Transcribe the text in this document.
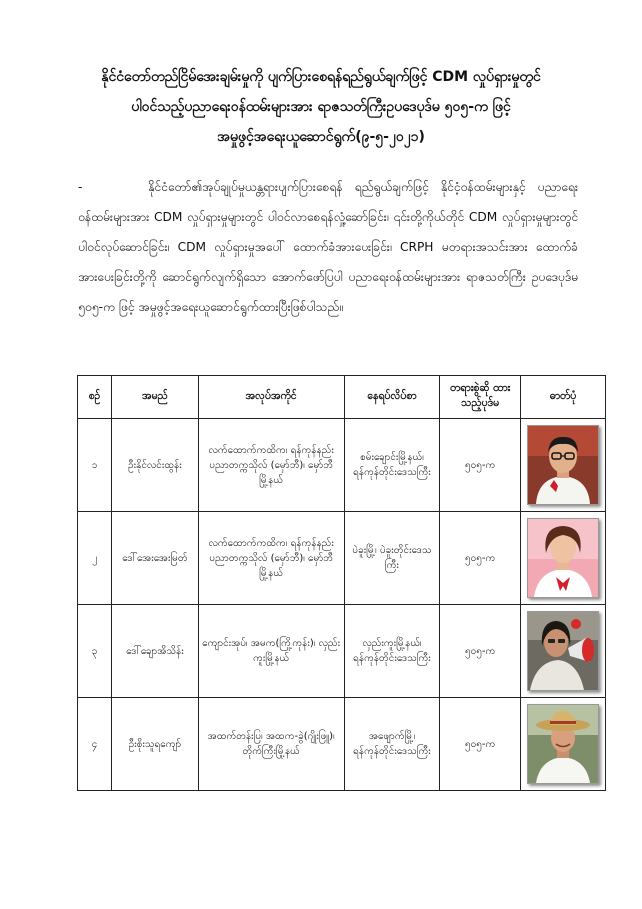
နိုင်ငံတော်တည်ငြိမ်အေးချမ်းမှုကို ပျက်ပြားစေရန်ရည်ရွယ်ချက်ဖြင့် CDM လှုပ်ရှားမှုတွင်
ပါဝင်သည့်ပညာရေးဝန်ထမ်းများအား ရာဇသတ်ကြီးဥပဒေပုဒ်မ ၅၀၅-က ဖြင့်
အမှုဖွင့်အရေးယူဆောင်ရွက်(၉-၅-၂၀၂၁)
-	နိုင်ငံတော်၏အုပ်ချုပ်မှုယန္တရားပျက်ပြားစေရန် ရည်ရွယ်ချက်ဖြင့် နိုင်ငံ့ဝန်ထမ်းများနှင့် ပညာရေးဝန်ထမ်းများအား CDM လှုပ်ရှားမှုများတွင် ပါဝင်လာစေရန်လှုံ့ဆော်ခြင်း၊ ၎င်းတို့ကိုယ်တိုင် CDM လှုပ်ရှားမှုများတွင် ပါဝင်လုပ်ဆောင်ခြင်း၊ CDM လှုပ်ရှားမှုအပေါ် ထောက်ခံအားပေးခြင်း၊ CRPH မတရားအသင်းအား ထောက်ခံအားပေးခြင်းတို့ကို ဆောင်ရွက်လျက်ရှိသော အောက်ဖော်ပြပါ ပညာရေးဝန်ထမ်းများအား ရာဇသတ်ကြီး ဥပဒေပုဒ်မ ၅၀၅-က ဖြင့် အမှုဖွင့်အရေးယူဆောင်ရွက်ထားပြီးဖြစ်ပါသည်။
စဉ်	အမည်	အလုပ်အကိုင်	နေရပ်လိပ်စာ	တရားစွဲဆို ထားသည့်ပုဒ်မ	ဓာတ်ပုံ
၁	ဦးနိုင်လင်းထွန်း	လက်ထောက်ကထိက၊ ရန်ကုန်နည်းပညာတက္ကသိုလ် (မှော်ဘီ)၊ မှော်ဘီမြို့နယ်	စမ်းချောင်းမြို့နယ်၊ ရန်ကုန်တိုင်းဒေသကြီး	၅၀၅-က	

၂	ဒေါ်အေးအေးမြတ်	လက်ထောက်ကထိက၊ ရန်ကုန်နည်းပညာတက္ကသိုလ် (မှော်ဘီ)၊ မှော်ဘီမြို့နယ်	ပဲခူးမြို့၊ ပဲခူးတိုင်းဒေသကြီး	၅၀၅-က	

၃	ဒေါ်ချောအိသိန်း	ကျောင်းအုပ်၊ အမက(ကြို့ကုန်း)၊ လှည်းကူးမြို့နယ်	လှည်းကူးမြို့နယ်၊ ရန်ကုန်တိုင်းဒေသကြီး	၅၀၅-က	

၄	ဦးစိုးသူရကျော်	အထက်တန်းပြ၊ အထက-ခွဲ(ဂျိုးဖြူ)၊ တိုက်ကြီးမြို့နယ်	အဖျောက်မြို့၊ ရန်ကုန်တိုင်းဒေသကြီး	၅၀၅-က	
